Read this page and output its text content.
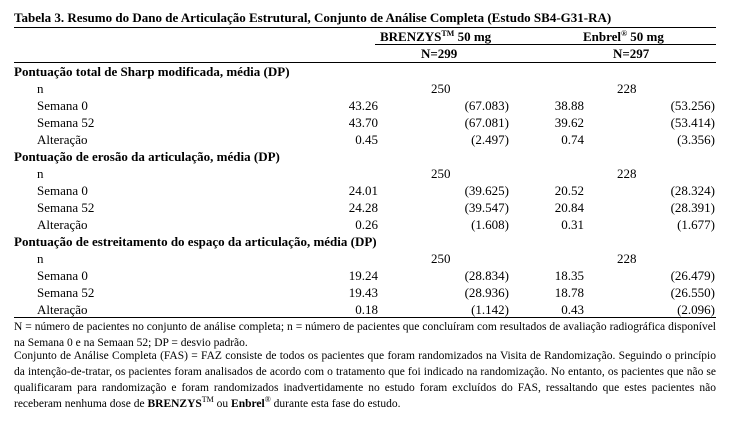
Tabela 3. Resumo do Dano de Articulação Estrutural, Conjunto de Análise Completa (Estudo SB4-G31-RA)
BRENZYS™ 50 mg	Enbrel® 50 mg
N=299	N=297
Pontuação total de Sharp modificada, média (DP)
n	250	228
Semana 0	43.26	(67.083)	38.88	(53.256)
Semana 52	43.70	(67.081)	39.62	(53.414)
Alteração	0.45	(2.497)	0.74	(3.356)
Pontuação de erosão da articulação, média (DP)
n	250	228
Semana 0	24.01	(39.625)	20.52	(28.324)
Semana 52	24.28	(39.547)	20.84	(28.391)
Alteração	0.26	(1.608)	0.31	(1.677)
Pontuação de estreitamento do espaço da articulação, média (DP)
n	250	228
Semana 0	19.24	(28.834)	18.35	(26.479)
Semana 52	19.43	(28.936)	18.78	(26.550)
Alteração	0.18	(1.142)	0.43	(2.096)
N = número de pacientes no conjunto de análise completa; n = número de pacientes que concluíram com resultados de avaliação radiográfica disponível na Semana 0 e na Semaan 52; DP = desvio padrão.
Conjunto de Análise Completa (FAS) = FAZ consiste de todos os pacientes que foram randomizados na Visita de Randomização. Seguindo o princípio da intenção-de-tratar, os pacientes foram analisados de acordo com o tratamento que foi indicado na randomização. No entanto, os pacientes que não se qualificaram para randomização e foram randomizados inadvertidamente no estudo foram excluídos do FAS, ressaltando que estes pacientes não receberam nenhuma dose de BRENZYS™ ou Enbrel® durante esta fase do estudo.
